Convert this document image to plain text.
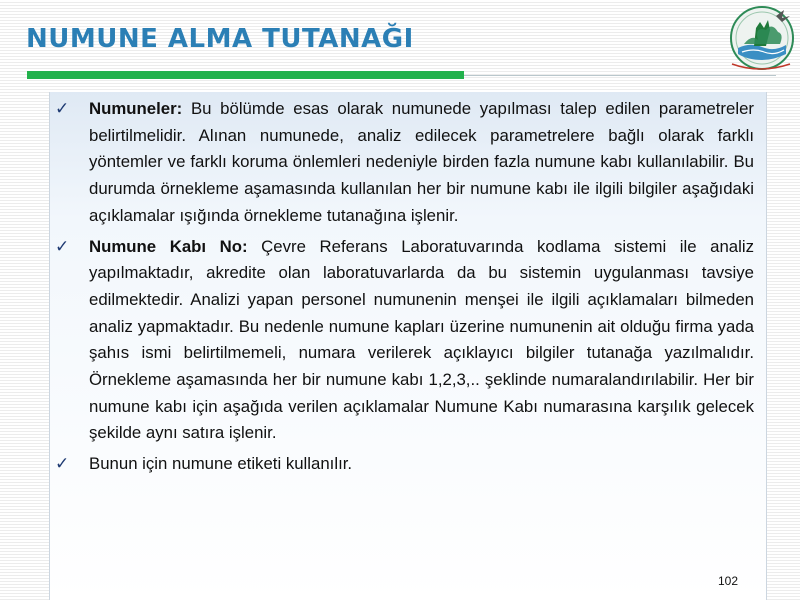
NUMUNE ALMA TUTANAĞI
✓ Numuneler: Bu bölümde esas olarak numunede yapılması talep edilen parametreler belirtilmelidir. Alınan numunede, analiz edilecek parametrelere bağlı olarak farklı yöntemler ve farklı koruma önlemleri nedeniyle birden fazla numune kabı kullanılabilir. Bu durumda örnekleme aşamasında kullanılan her bir numune kabı ile ilgili bilgiler aşağıdaki açıklamalar ışığında örnekleme tutanağına işlenir.
✓ Numune Kabı No: Çevre Referans Laboratuvarında kodlama sistemi ile analiz yapılmaktadır, akredite olan laboratuvarlarda da bu sistemin uygulanması tavsiye edilmektedir. Analizi yapan personel numunenin menşei ile ilgili açıklamaları bilmeden analiz yapmaktadır. Bu nedenle numune kapları üzerine numunenin ait olduğu firma yada şahıs ismi belirtilmemeli, numara verilerek açıklayıcı bilgiler tutanağa yazılmalıdır. Örnekleme aşamasında her bir numune kabı 1,2,3,.. şeklinde numaralandırılabilir. Her bir numune kabı için aşağıda verilen açıklamalar Numune Kabı numarasına karşılık gelecek şekilde aynı satıra işlenir.
✓ Bunun için numune etiketi kullanılır.
102
